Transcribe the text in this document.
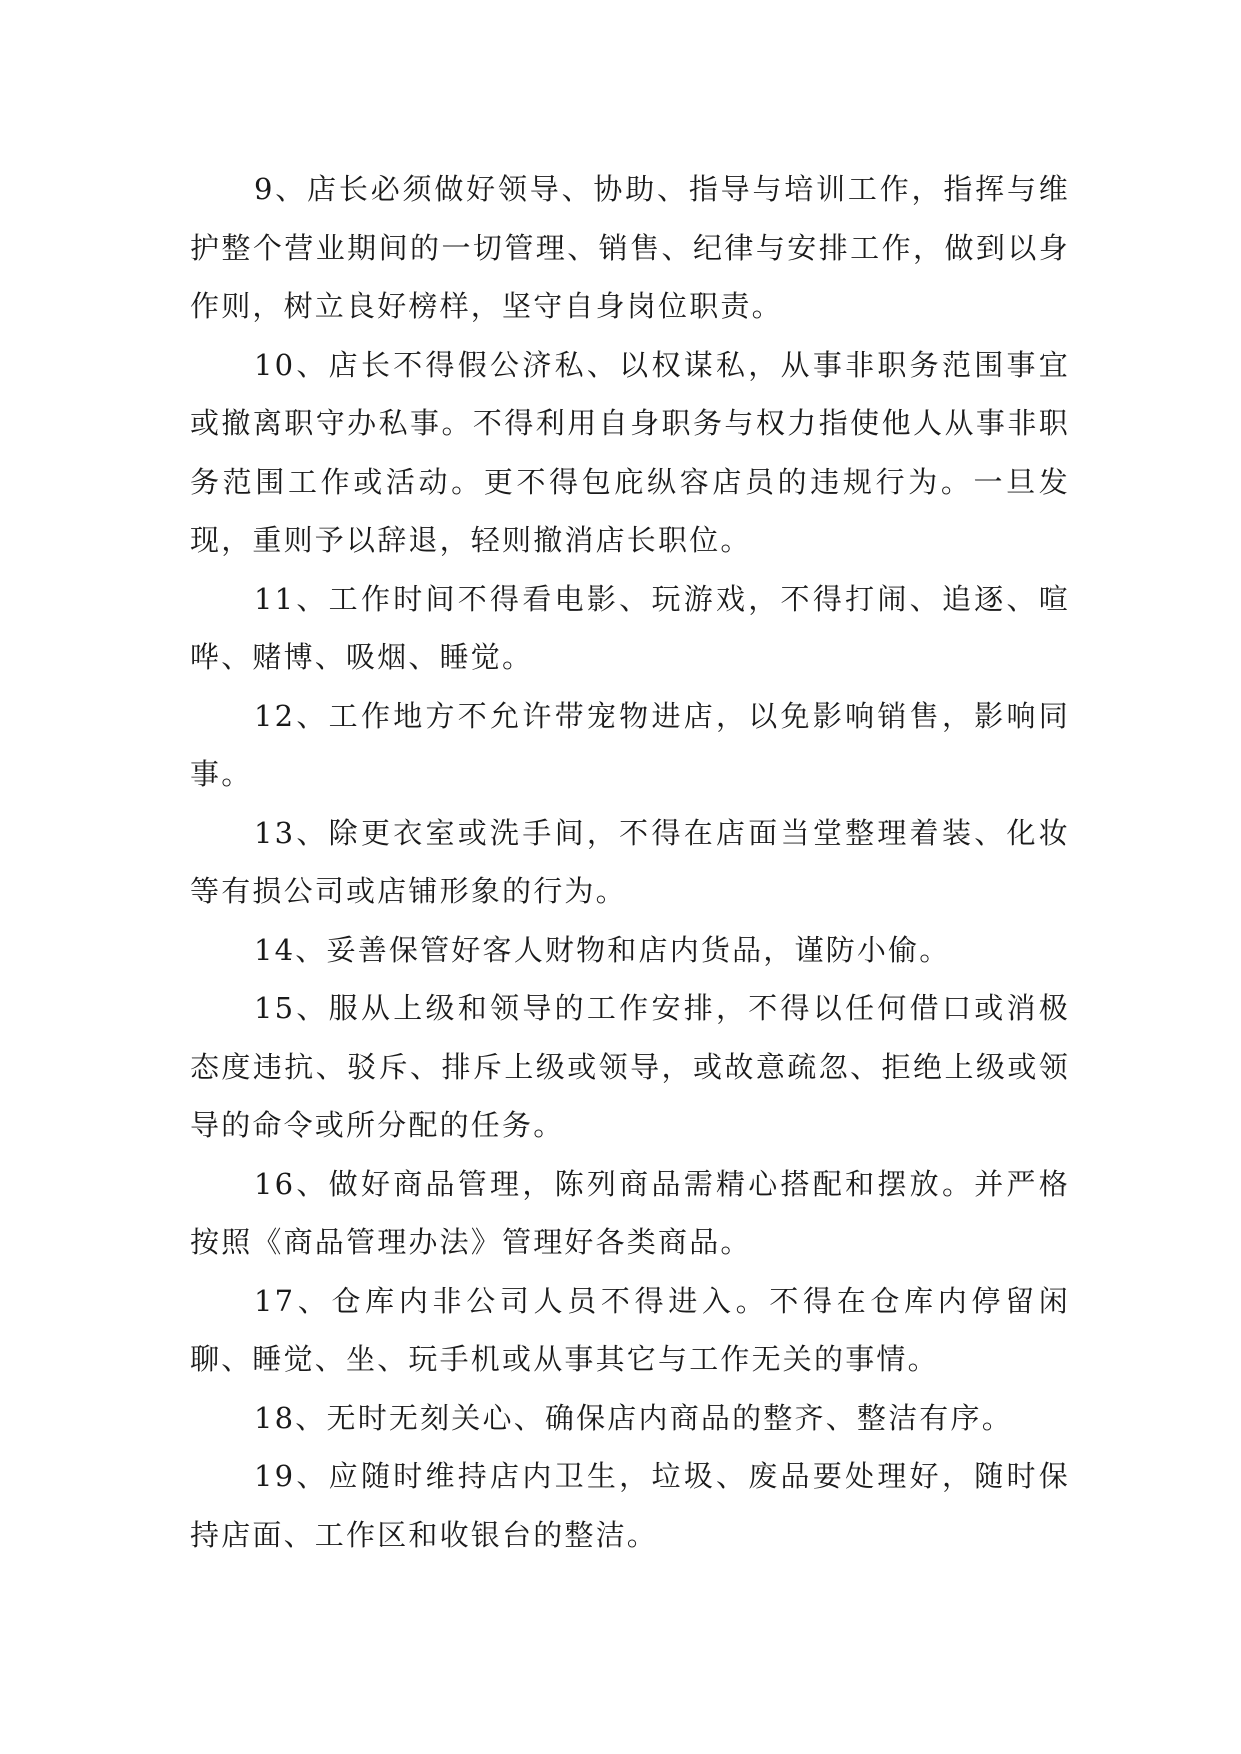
9、店长必须做好领导、协助、指导与培训工作，指挥与维护整个营业期间的一切管理、销售、纪律与安排工作，做到以身作则，树立良好榜样，坚守自身岗位职责。

10、店长不得假公济私、以权谋私，从事非职务范围事宜或撤离职守办私事。不得利用自身职务与权力指使他人从事非职务范围工作或活动。更不得包庇纵容店员的违规行为。一旦发现，重则予以辞退，轻则撤消店长职位。

11、工作时间不得看电影、玩游戏，不得打闹、追逐、喧哗、赌博、吸烟、睡觉。

12、工作地方不允许带宠物进店，以免影响销售，影响同事。

13、除更衣室或洗手间，不得在店面当堂整理着装、化妆等有损公司或店铺形象的行为。

14、妥善保管好客人财物和店内货品，谨防小偷。

15、服从上级和领导的工作安排，不得以任何借口或消极态度违抗、驳斥、排斥上级或领导，或故意疏忽、拒绝上级或领导的命令或所分配的任务。

16、做好商品管理，陈列商品需精心搭配和摆放。并严格按照《商品管理办法》管理好各类商品。

17、仓库内非公司人员不得进入。不得在仓库内停留闲聊、睡觉、坐、玩手机或从事其它与工作无关的事情。

18、无时无刻关心、确保店内商品的整齐、整洁有序。

19、应随时维持店内卫生，垃圾、废品要处理好，随时保持店面、工作区和收银台的整洁。
